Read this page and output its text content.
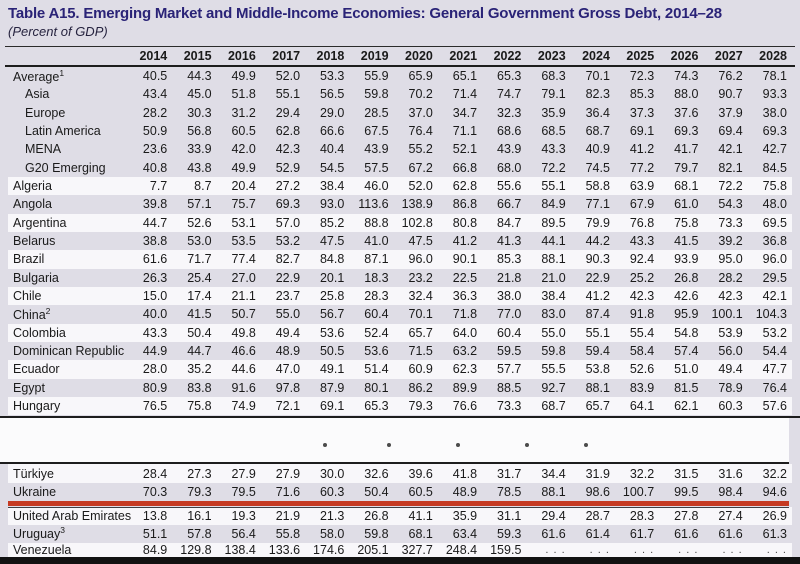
Table A15. Emerging Market and Middle-Income Economies: General Government Gross Debt, 2014–28
(Percent of GDP)
2014	2015	2016	2017	2018	2019	2020	2021	2022	2023	2024	2025	2026	2027	2028
Average$^1$	40.5	44.3	49.9	52.0	53.3	55.9	65.9	65.1	65.3	68.3	70.1	72.3	74.3	76.2	78.1
Asia	43.4	45.0	51.8	55.1	56.5	59.8	70.2	71.4	74.7	79.1	82.3	85.3	88.0	90.7	93.3
Europe	28.2	30.3	31.2	29.4	29.0	28.5	37.0	34.7	32.3	35.9	36.4	37.3	37.6	37.9	38.0
Latin America	50.9	56.8	60.5	62.8	66.6	67.5	76.4	71.1	68.6	68.5	68.7	69.1	69.3	69.4	69.3
MENA	23.6	33.9	42.0	42.3	40.4	43.9	55.2	52.1	43.9	43.3	40.9	41.2	41.7	42.1	42.7
G20 Emerging	40.8	43.8	49.9	52.9	54.5	57.5	67.2	66.8	68.0	72.2	74.5	77.2	79.7	82.1	84.5
Algeria	7.7	8.7	20.4	27.2	38.4	46.0	52.0	62.8	55.6	55.1	58.8	63.9	68.1	72.2	75.8
Angola	39.8	57.1	75.7	69.3	93.0	113.6	138.9	86.8	66.7	84.9	77.1	67.9	61.0	54.3	48.0
Argentina	44.7	52.6	53.1	57.0	85.2	88.8	102.8	80.8	84.7	89.5	79.9	76.8	75.8	73.3	69.5
Belarus	38.8	53.0	53.5	53.2	47.5	41.0	47.5	41.2	41.3	44.1	44.2	43.3	41.5	39.2	36.8
Brazil	61.6	71.7	77.4	82.7	84.8	87.1	96.0	90.1	85.3	88.1	90.3	92.4	93.9	95.0	96.0
Bulgaria	26.3	25.4	27.0	22.9	20.1	18.3	23.2	22.5	21.8	21.0	22.9	25.2	26.8	28.2	29.5
Chile	15.0	17.4	21.1	23.7	25.8	28.3	32.4	36.3	38.0	38.4	41.2	42.3	42.6	42.3	42.1
China$^2$	40.0	41.5	50.7	55.0	56.7	60.4	70.1	71.8	77.0	83.0	87.4	91.8	95.9	100.1	104.3
Colombia	43.3	50.4	49.8	49.4	53.6	52.4	65.7	64.0	60.4	55.0	55.1	55.4	54.8	53.9	53.2
Dominican Republic	44.9	44.7	46.6	48.9	50.5	53.6	71.5	63.2	59.5	59.8	59.4	58.4	57.4	56.0	54.4
Ecuador	28.0	35.2	44.6	47.0	49.1	51.4	60.9	62.3	57.7	55.5	53.8	52.6	51.0	49.4	47.7
Egypt	80.9	83.8	91.6	97.8	87.9	80.1	86.2	89.9	88.5	92.7	88.1	83.9	81.5	78.9	76.4
Hungary	76.5	75.8	74.9	72.1	69.1	65.3	79.3	76.6	73.3	68.7	65.7	64.1	62.1	60.3	57.6
Türkiye	28.4	27.3	27.9	27.9	30.0	32.6	39.6	41.8	31.7	34.4	31.9	32.2	31.5	31.6	32.2
Ukraine	70.3	79.3	79.5	71.6	60.3	50.4	60.5	48.9	78.5	88.1	98.6	100.7	99.5	98.4	94.6
United Arab Emirates 13.8	16.1	19.3	21.9	21.3	26.8	41.1	35.9	31.1	29.4	28.7	28.3	27.8	27.4	26.9
Uruguay$^3$	51.1	57.8	56.4	55.8	58.0	59.8	68.1	63.4	59.3	61.6	61.4	61.7	61.6	61.6	61.3
Venezuela	84.9	129.8	138.4	133.6	174.6	205.1	327.7	248.4	159.5	. . .	. . .	. . .	. . .	. . .	. . .
